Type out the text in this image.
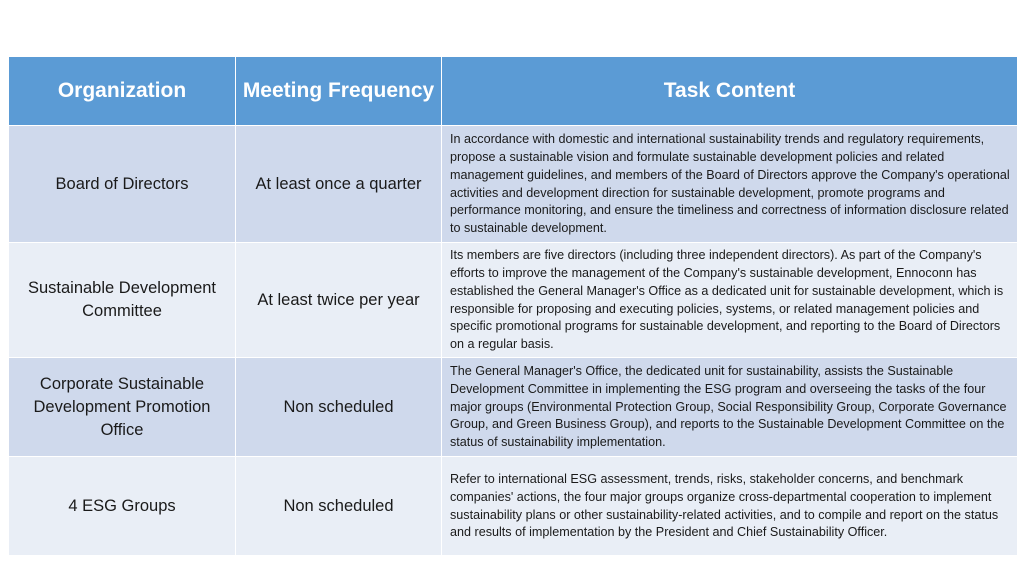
Organization	Meeting Frequency	Task Content
Board of Directors	At least once a quarter	In accordance with domestic and international sustainability trends and regulatory requirements, propose a sustainable vision and formulate sustainable development policies and related management guidelines, and members of the Board of Directors approve the Company's operational activities and development direction for sustainable development, promote programs and performance monitoring, and ensure the timeliness and correctness of information disclosure related to sustainable development.
Sustainable Development Committee	At least twice per year	Its members are five directors (including three independent directors). As part of the Company's efforts to improve the management of the Company's sustainable development, Ennoconn has established the General Manager's Office as a dedicated unit for sustainable development, which is responsible for proposing and executing policies, systems, or related management policies and specific promotional programs for sustainable development, and reporting to the Board of Directors on a regular basis.
Corporate Sustainable Development Promotion Office	Non scheduled	The General Manager's Office, the dedicated unit for sustainability, assists the Sustainable Development Committee in implementing the ESG program and overseeing the tasks of the four major groups (Environmental Protection Group, Social Responsibility Group, Corporate Governance Group, and Green Business Group), and reports to the Sustainable Development Committee on the status of sustainability implementation.
4 ESG Groups	Non scheduled	Refer to international ESG assessment, trends, risks, stakeholder concerns, and benchmark companies' actions, the four major groups organize cross-departmental cooperation to implement sustainability plans or other sustainability-related activities, and to compile and report on the status and results of implementation by the President and Chief Sustainability Officer.
